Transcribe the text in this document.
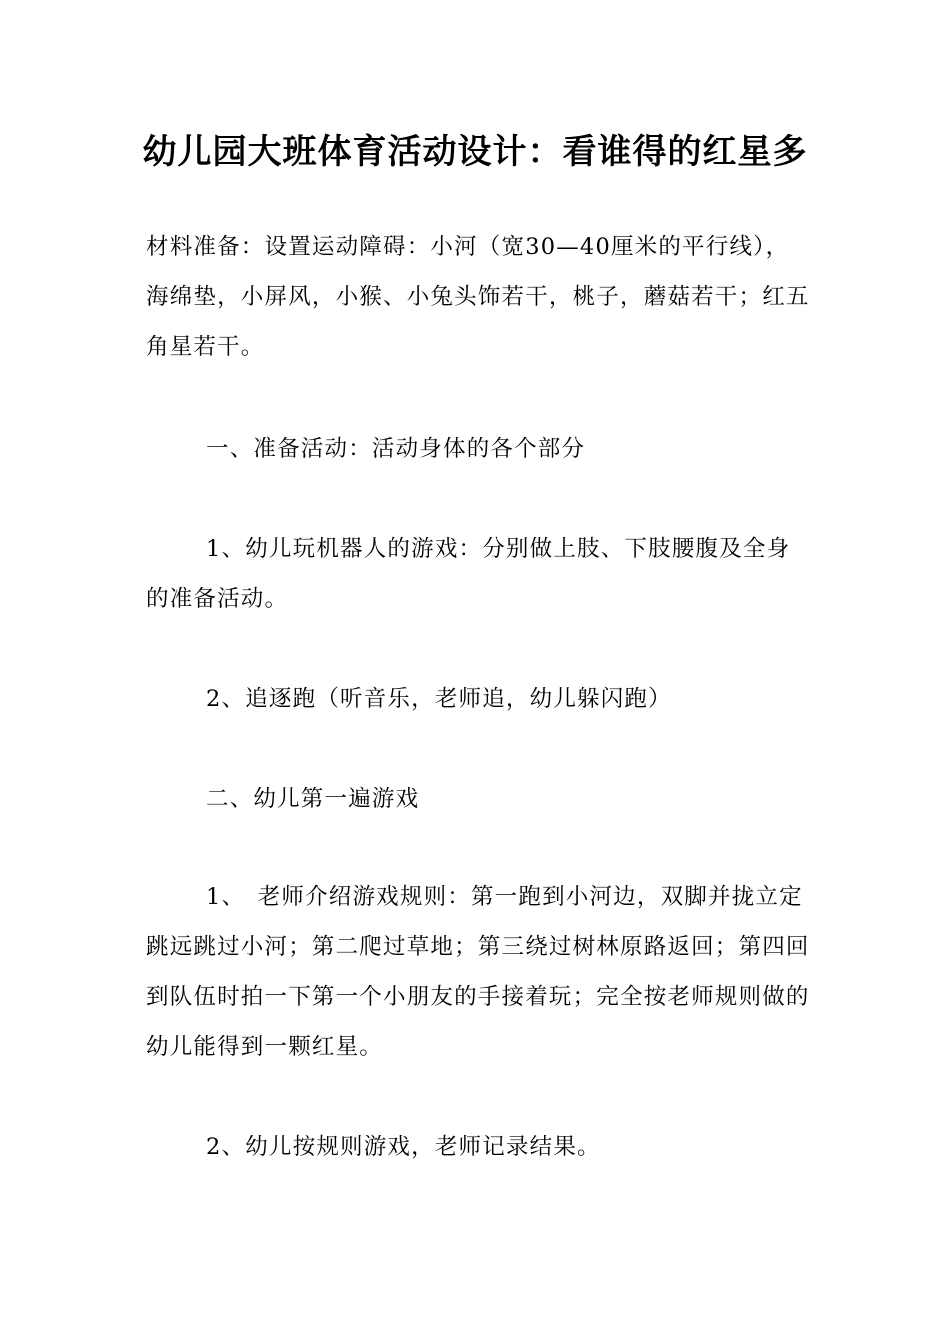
幼儿园大班体育活动设计：看谁得的红星多

材料准备：设置运动障碍：小河（宽30—40厘米的平行线），海绵垫，小屏风，小猴、小兔头饰若干，桃子，蘑菇若干；红五角星若干。

一、准备活动：活动身体的各个部分

1、幼儿玩机器人的游戏：分别做上肢、下肢腰腹及全身的准备活动。

2、追逐跑（听音乐，老师追，幼儿躲闪跑）

二、幼儿第一遍游戏

1、　老师介绍游戏规则：第一跑到小河边，双脚并拢立定跳远跳过小河；第二爬过草地；第三绕过树林原路返回；第四回到队伍时拍一下第一个小朋友的手接着玩；完全按老师规则做的幼儿能得到一颗红星。

2、幼儿按规则游戏，老师记录结果。
